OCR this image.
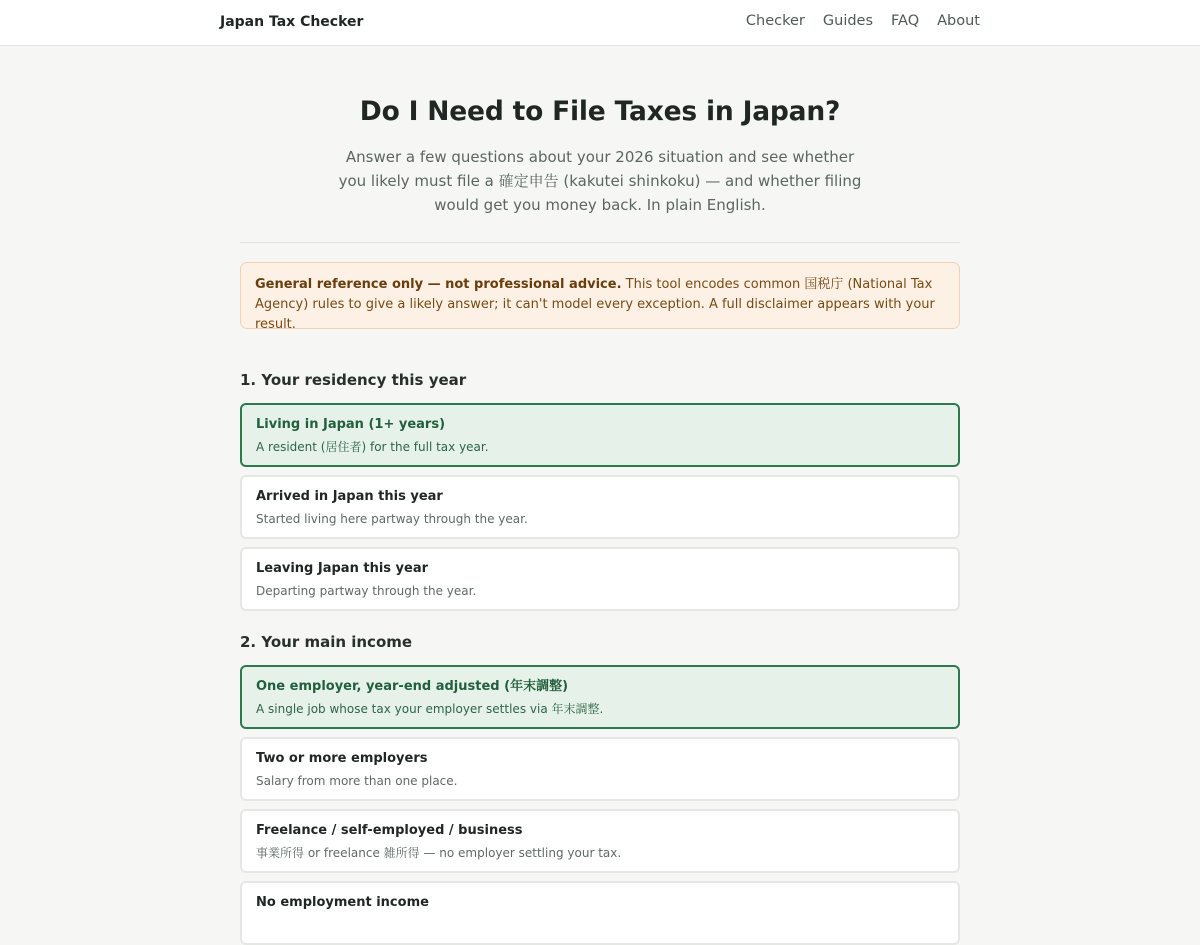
Japan Tax Checker	Checker Guides FAQ About
Do I Need to File Taxes in Japan?

Answer a few questions about your 2026 situation and see whether you likely must file a 確定申告 (kakutei shinkoku) — and whether filing would get you money back. In plain English.

General reference only — not professional advice. This tool encodes common 国税庁 (National Tax Agency) rules to give a likely answer; it can't model every exception. A full disclaimer appears with your result.
1. Your residency this year
Living in Japan (1+ years)
A resident (居住者) for the full tax year.
Arrived in Japan this year
Started living here partway through the year.
Leaving Japan this year
Departing partway through the year.
2. Your main income
One employer, year-end adjusted (年末調整)
A single job whose tax your employer settles via 年末調整.
Two or more employers
Salary from more than one place.
Freelance / self-employed / business
事業所得 or freelance 雑所得 — no employer settling your tax.
No employment income
